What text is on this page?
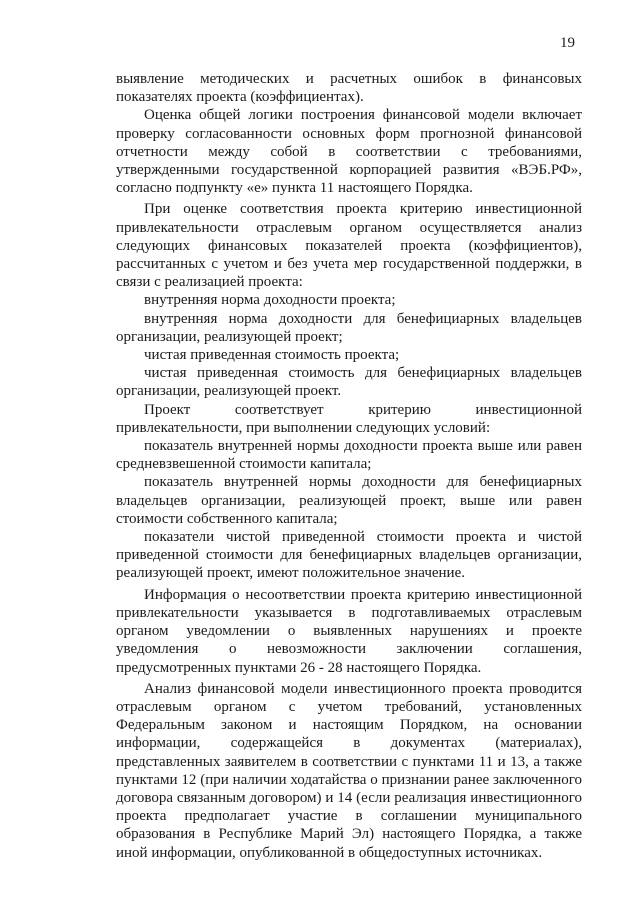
19

выявление методических и расчетных ошибок в финансовых показателях проекта (коэффициентах).

Оценка общей логики построения финансовой модели включает проверку согласованности основных форм прогнозной финансовой отчетности между собой в соответствии с требованиями, утвержденными государственной корпорацией развития «ВЭБ.РФ», согласно подпункту «е» пункта 11 настоящего Порядка.

При оценке соответствия проекта критерию инвестиционной привлекательности отраслевым органом осуществляется анализ следующих финансовых показателей проекта (коэффициентов), рассчитанных с учетом и без учета мер государственной поддержки, в связи с реализацией проекта:

внутренняя норма доходности проекта;

внутренняя норма доходности для бенефициарных владельцев организации, реализующей проект;

чистая приведенная стоимость проекта;

чистая приведенная стоимость для бенефициарных владельцев организации, реализующей проект.

Проект соответствует критерию инвестиционной привлекательности, при выполнении следующих условий:

показатель внутренней нормы доходности проекта выше или равен средневзвешенной стоимости капитала;

показатель внутренней нормы доходности для бенефициарных владельцев организации, реализующей проект, выше или равен стоимости собственного капитала;

показатели чистой приведенной стоимости проекта и чистой приведенной стоимости для бенефициарных владельцев организации, реализующей проект, имеют положительное значение.

Информация о несоответствии проекта критерию инвестиционной привлекательности указывается в подготавливаемых отраслевым органом уведомлении о выявленных нарушениях и проекте уведомления о невозможности заключении соглашения, предусмотренных пунктами 26 - 28 настоящего Порядка.

Анализ финансовой модели инвестиционного проекта проводится отраслевым органом с учетом требований, установленных Федеральным законом и настоящим Порядком, на основании информации, содержащейся в документах (материалах), представленных заявителем в соответствии с пунктами 11 и 13, а также пунктами 12 (при наличии ходатайства о признании ранее заключенного договора связанным договором) и 14 (если реализация инвестиционного проекта предполагает участие в соглашении муниципального образования в Республике Марий Эл) настоящего Порядка, а также иной информации, опубликованной в общедоступных источниках.
